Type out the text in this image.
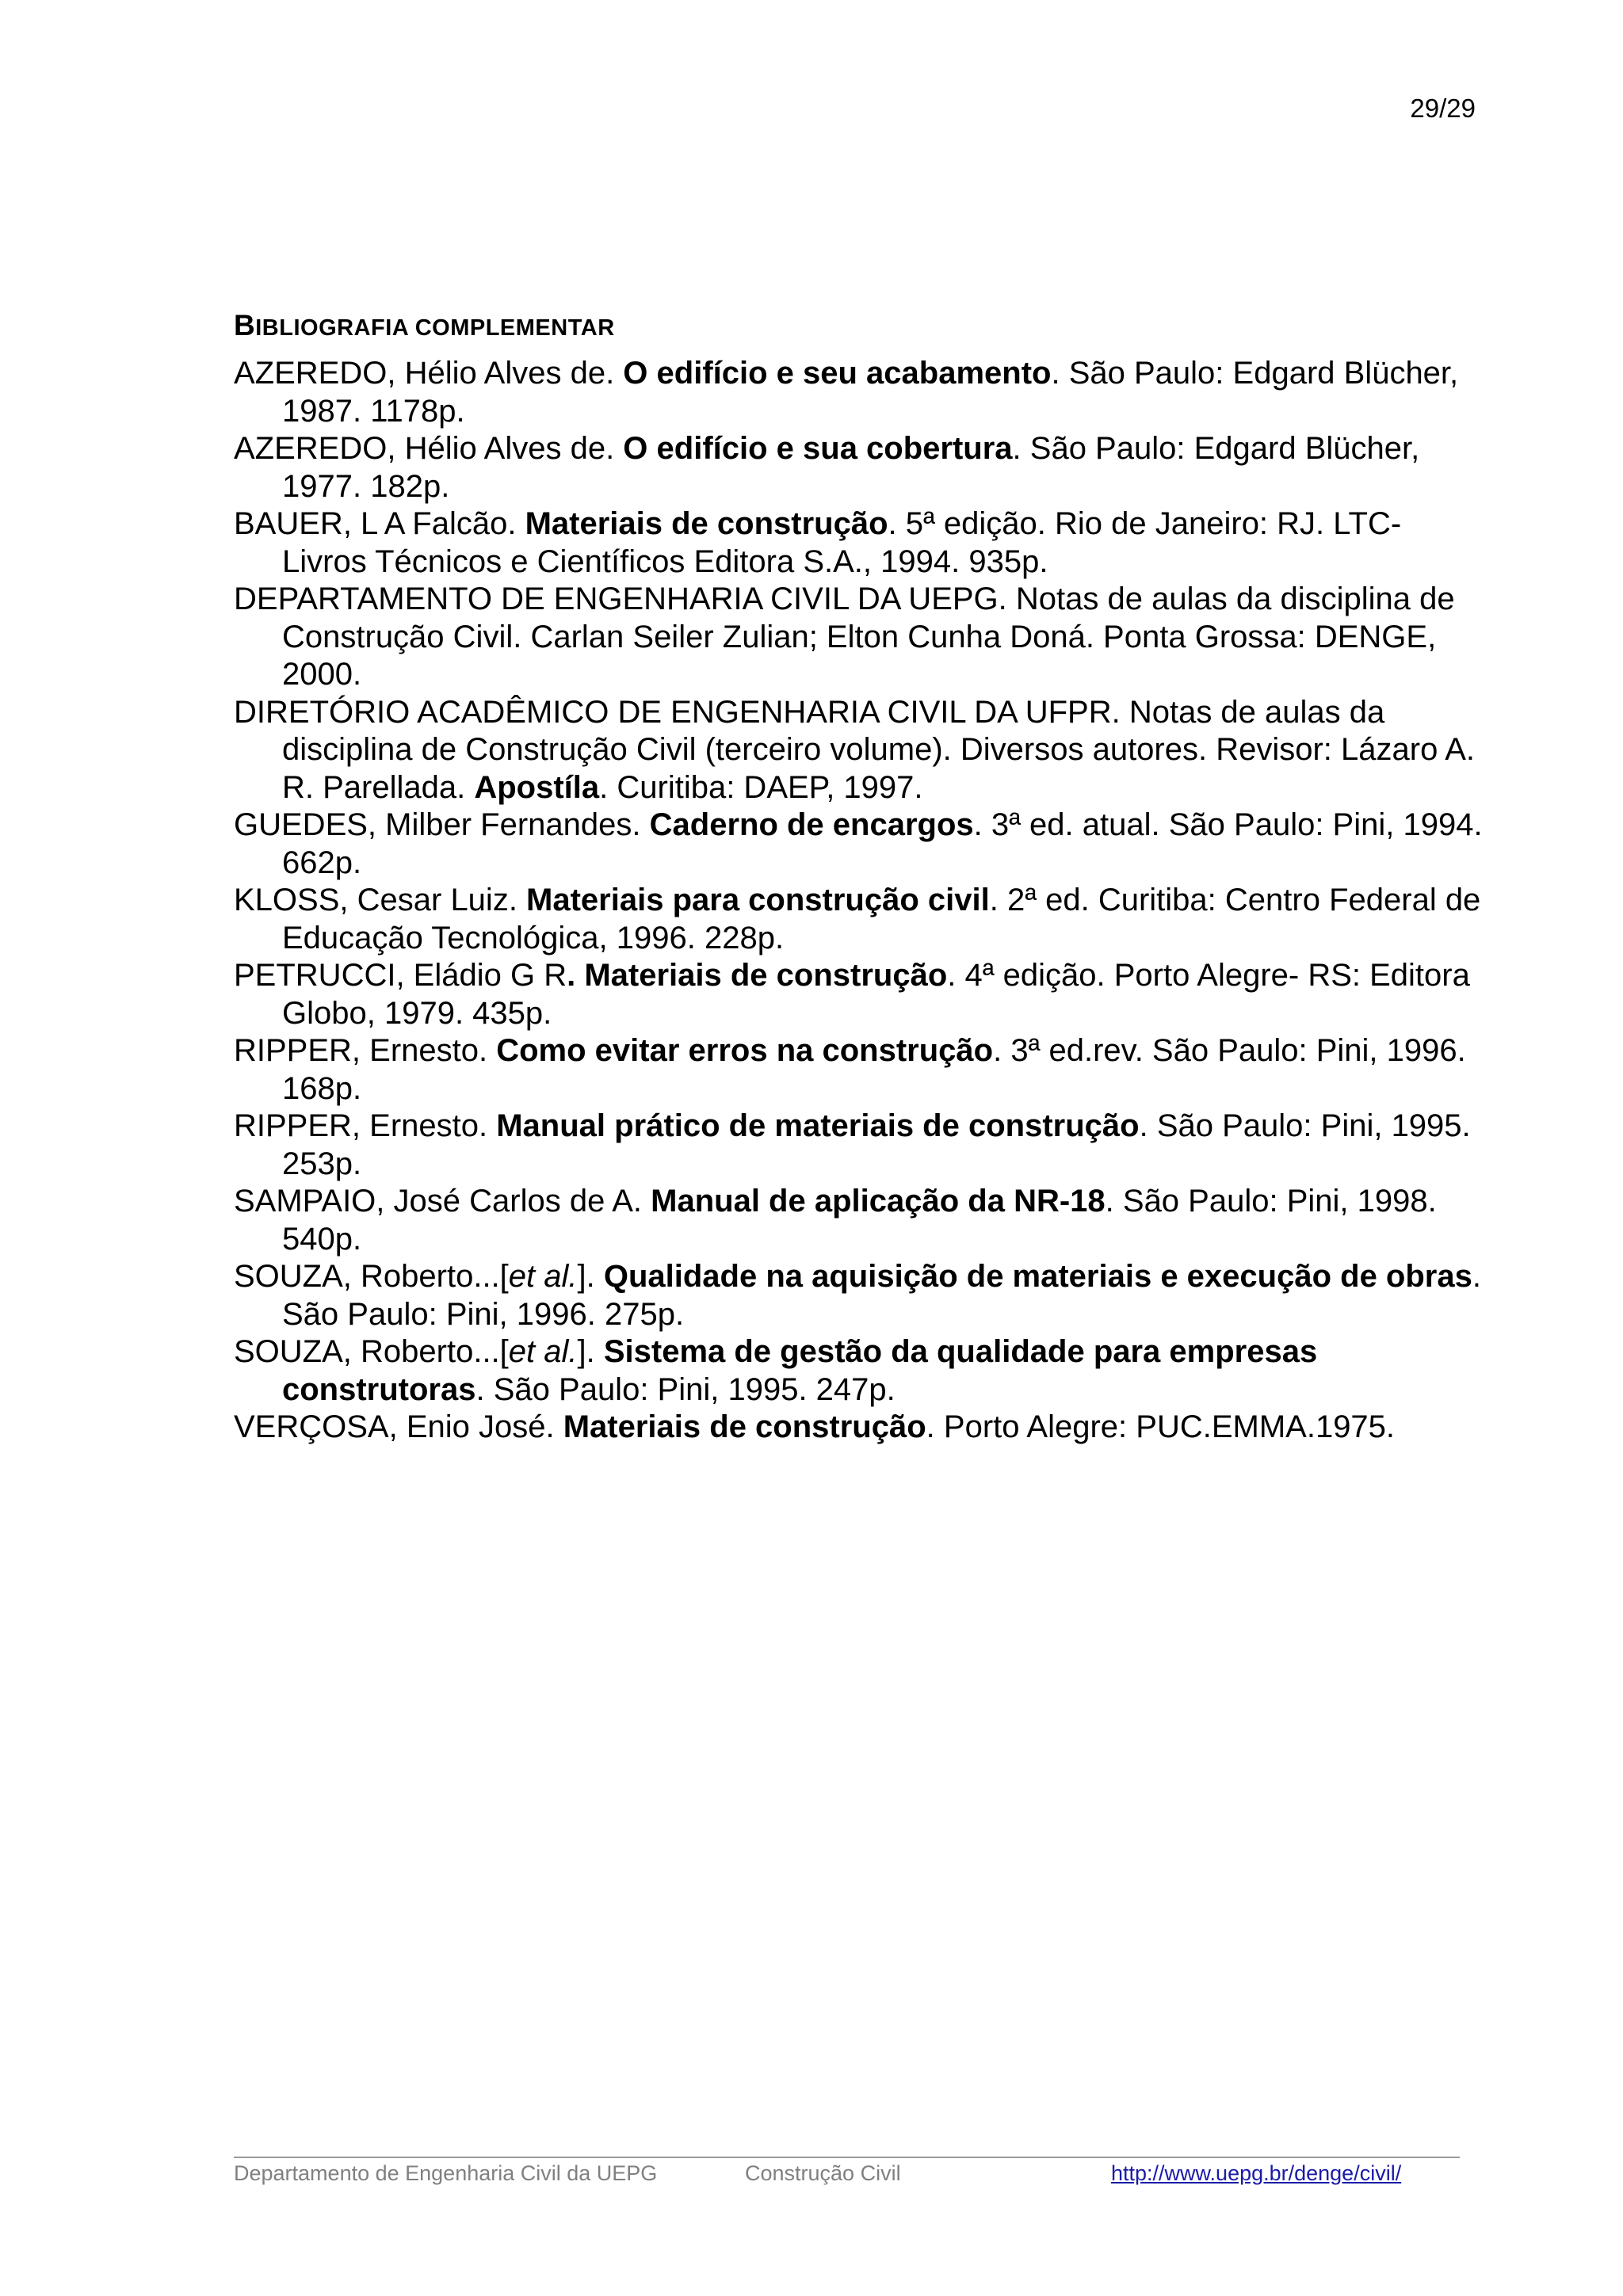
29/29
BIBLIOGRAFIA COMPLEMENTAR
AZEREDO, Hélio Alves de. O edifício e seu acabamento. São Paulo: Edgard Blücher, 1987. 1178p.
AZEREDO, Hélio Alves de. O edifício e sua cobertura. São Paulo: Edgard Blücher, 1977. 182p.
BAUER, L A Falcão. Materiais de construção. 5ª edição. Rio de Janeiro: RJ. LTC- Livros Técnicos e Científicos Editora S.A., 1994. 935p.
DEPARTAMENTO DE ENGENHARIA CIVIL DA UEPG. Notas de aulas da disciplina de Construção Civil. Carlan Seiler Zulian; Elton Cunha Doná. Ponta Grossa: DENGE, 2000.
DIRETÓRIO ACADÊMICO DE ENGENHARIA CIVIL DA UFPR. Notas de aulas da disciplina de Construção Civil (terceiro volume). Diversos autores. Revisor: Lázaro A. R. Parellada. Apostíla. Curitiba: DAEP, 1997.
GUEDES, Milber Fernandes. Caderno de encargos. 3ª ed. atual. São Paulo: Pini, 1994. 662p.
KLOSS, Cesar Luiz. Materiais para construção civil. 2ª ed. Curitiba: Centro Federal de Educação Tecnológica, 1996. 228p.
PETRUCCI, Eládio G R. Materiais de construção. 4ª edição. Porto Alegre- RS: Editora Globo, 1979. 435p.
RIPPER, Ernesto. Como evitar erros na construção. 3ª ed.rev. São Paulo: Pini, 1996. 168p.
RIPPER, Ernesto. Manual prático de materiais de construção. São Paulo: Pini, 1995. 253p.
SAMPAIO, José Carlos de A. Manual de aplicação da NR-18. São Paulo: Pini, 1998. 540p.
SOUZA, Roberto...[et al.]. Qualidade na aquisição de materiais e execução de obras. São Paulo: Pini, 1996. 275p.
SOUZA, Roberto...[et al.]. Sistema de gestão da qualidade para empresas construtoras. São Paulo: Pini, 1995. 247p.
VERÇOSA, Enio José. Materiais de construção. Porto Alegre: PUC.EMMA.1975.
Departamento de Engenharia Civil da UEPG	Construção Civil	http://www.uepg.br/denge/civil/
